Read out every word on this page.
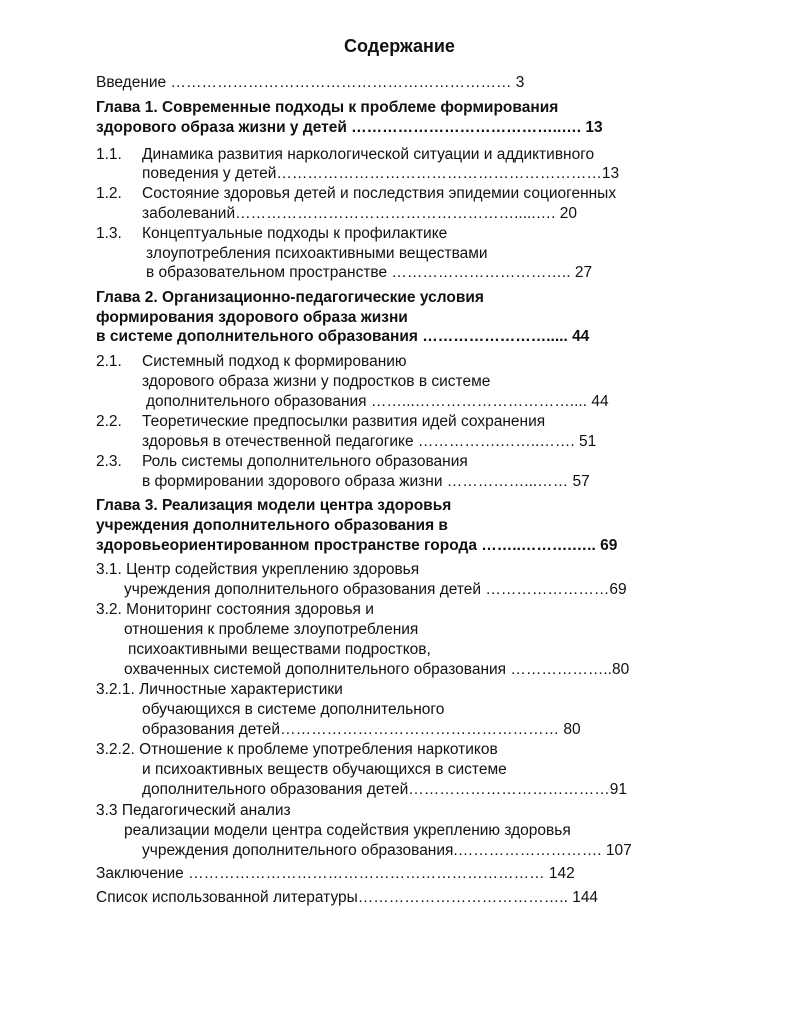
Содержание
Введение ………………………………………………………… 3
Глава 1. Современные подходы к проблеме формирования
здорового образа жизни у детей …………………………………..…. 13
1.1. Динамика развития наркологической ситуации и аддиктивного
поведения у детей………………………………………………………13
1.2. Состояние здоровья детей и последствия эпидемии социогенных
заболеваний……………………………………………….....…. 20
1.3. Концептуальные подходы к профилактике
злоупотребления психоактивными веществами
в образовательном пространстве …………………………….. 27
Глава 2. Организационно-педагогические условия
формирования здорового образа жизни
в системе дополнительного образования ……………………..... 44
2.1. Системный подход к формированию
здорового образа жизни у подростков в системе
дополнительного образования ……...………………………….... 44
2.2. Теоретические предпосылки развития идей сохранения
здоровья в отечественной педагогике …………….……..……. 51
2.3. Роль системы дополнительного образования
в формировании здорового образа жизни ……………...…… 57
Глава 3. Реализация модели центра здоровья
учреждения дополнительного образования в
здоровьеориентированном пространстве города ……..……….….. 69
3.1. Центр содействия укреплению здоровья
учреждения дополнительного образования детей ……………………69
3.2. Мониторинг состояния здоровья и
отношения к проблеме злоупотребления
психоактивными веществами подростков,
охваченных системой дополнительного образования ………………..80
3.2.1. Личностные характеристики
обучающихся в системе дополнительного
образования детей……………………………………………… 80
3.2.2. Отношение к проблеме употребления наркотиков
и психоактивных веществ обучающихся в системе
дополнительного образования детей…………………………………91
3.3 Педагогический анализ
реализации модели центра содействия укреплению здоровья
учреждения дополнительного образования.………………………. 107
Заключение …………………………………………………………… 142
Список использованной литературы………………………………….. 144
